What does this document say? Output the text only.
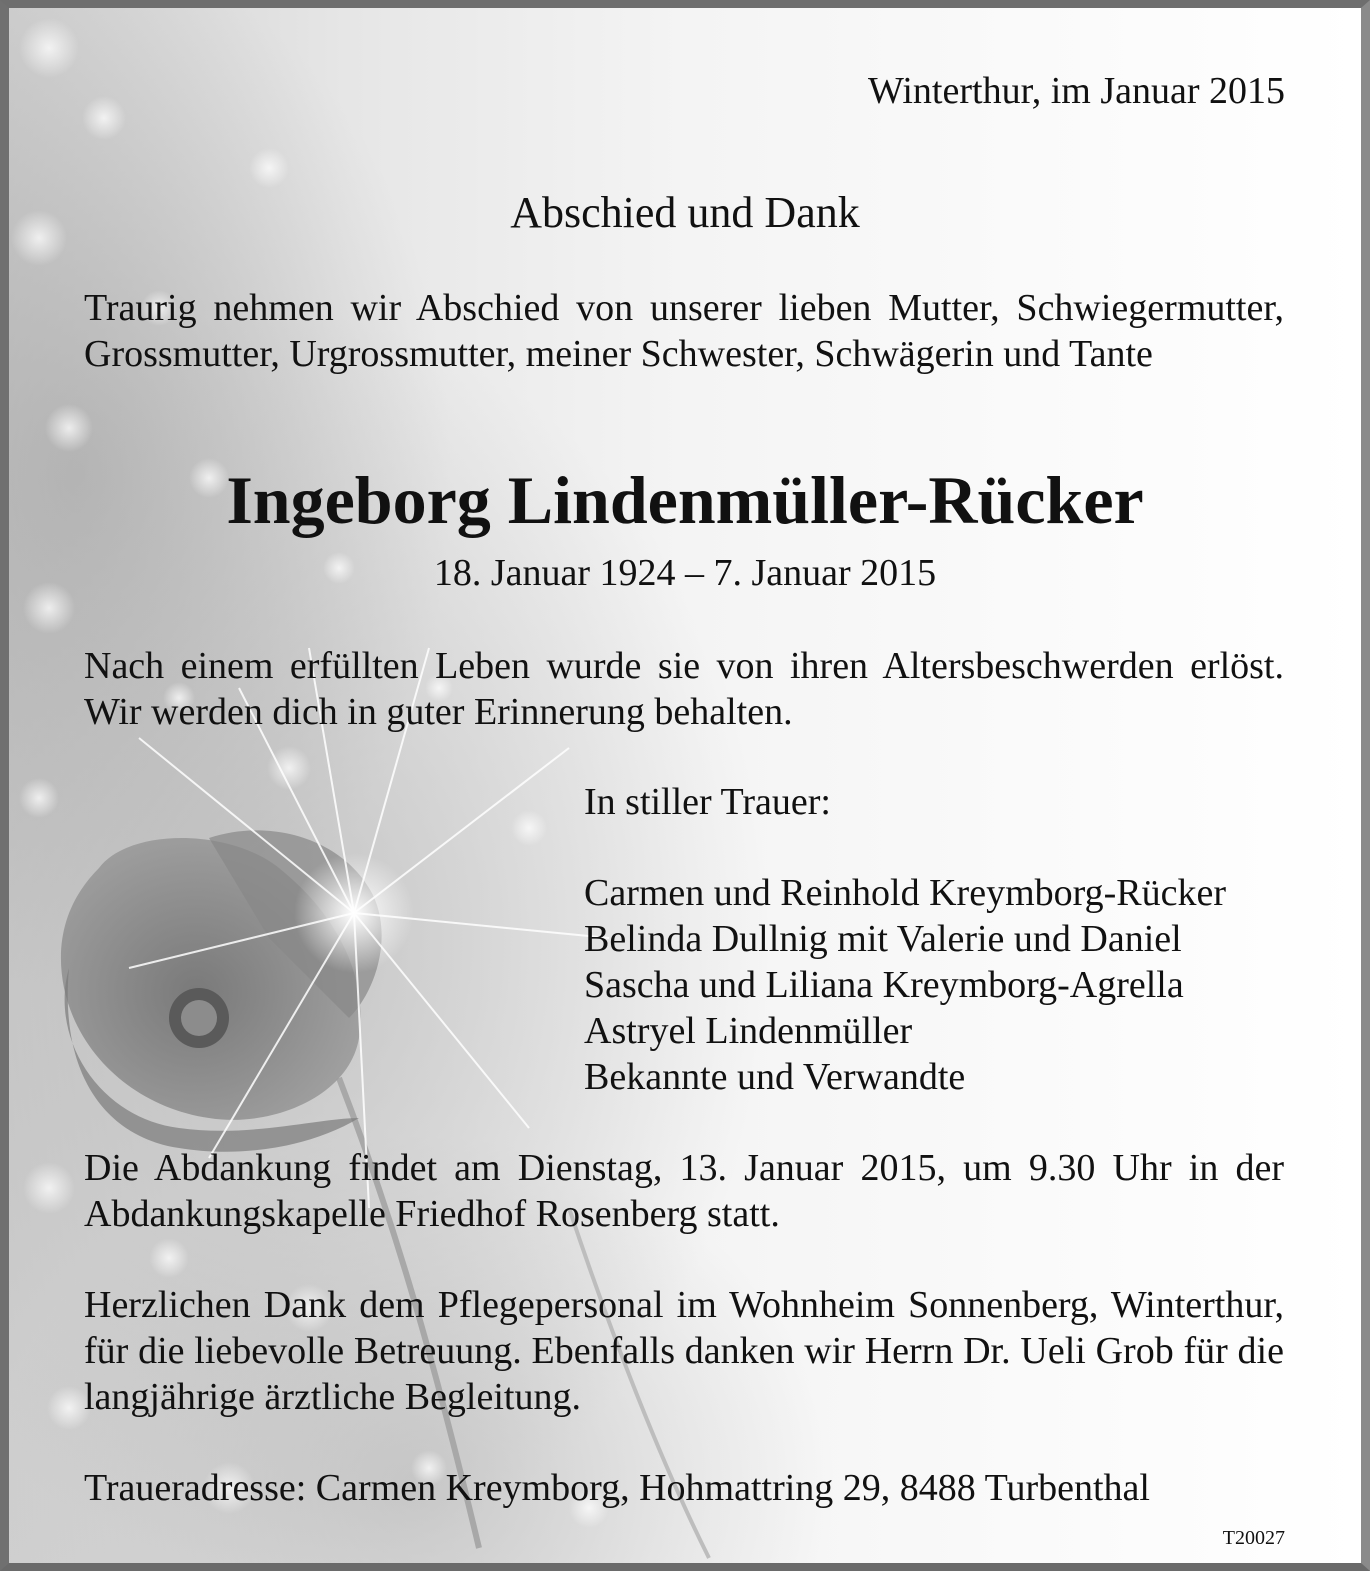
Winterthur, im Januar 2015
Abschied und Dank
Traurig nehmen wir Abschied von unserer lieben Mutter, Schwiegermutter, Grossmutter, Urgrossmutter, meiner Schwester, Schwägerin und Tante
Ingeborg Lindenmüller-Rücker
18. Januar 1924 – 7. Januar 2015
Nach einem erfüllten Leben wurde sie von ihren Altersbeschwerden erlöst. Wir werden dich in guter Erinnerung behalten.
In stiller Trauer:
Carmen und Reinhold Kreymborg-Rücker
Belinda Dullnig mit Valerie und Daniel
Sascha und Liliana Kreymborg-Agrella
Astryel Lindenmüller
Bekannte und Verwandte
Die Abdankung findet am Dienstag, 13. Januar 2015, um 9.30 Uhr in der Abdankungskapelle Friedhof Rosenberg statt.
Herzlichen Dank dem Pflegepersonal im Wohnheim Sonnenberg, Winterthur, für die liebevolle Betreuung. Ebenfalls danken wir Herrn Dr. Ueli Grob für die langjährige ärztliche Begleitung.
Traueradresse: Carmen Kreymborg, Hohmattring 29, 8488 Turbenthal
T20027
